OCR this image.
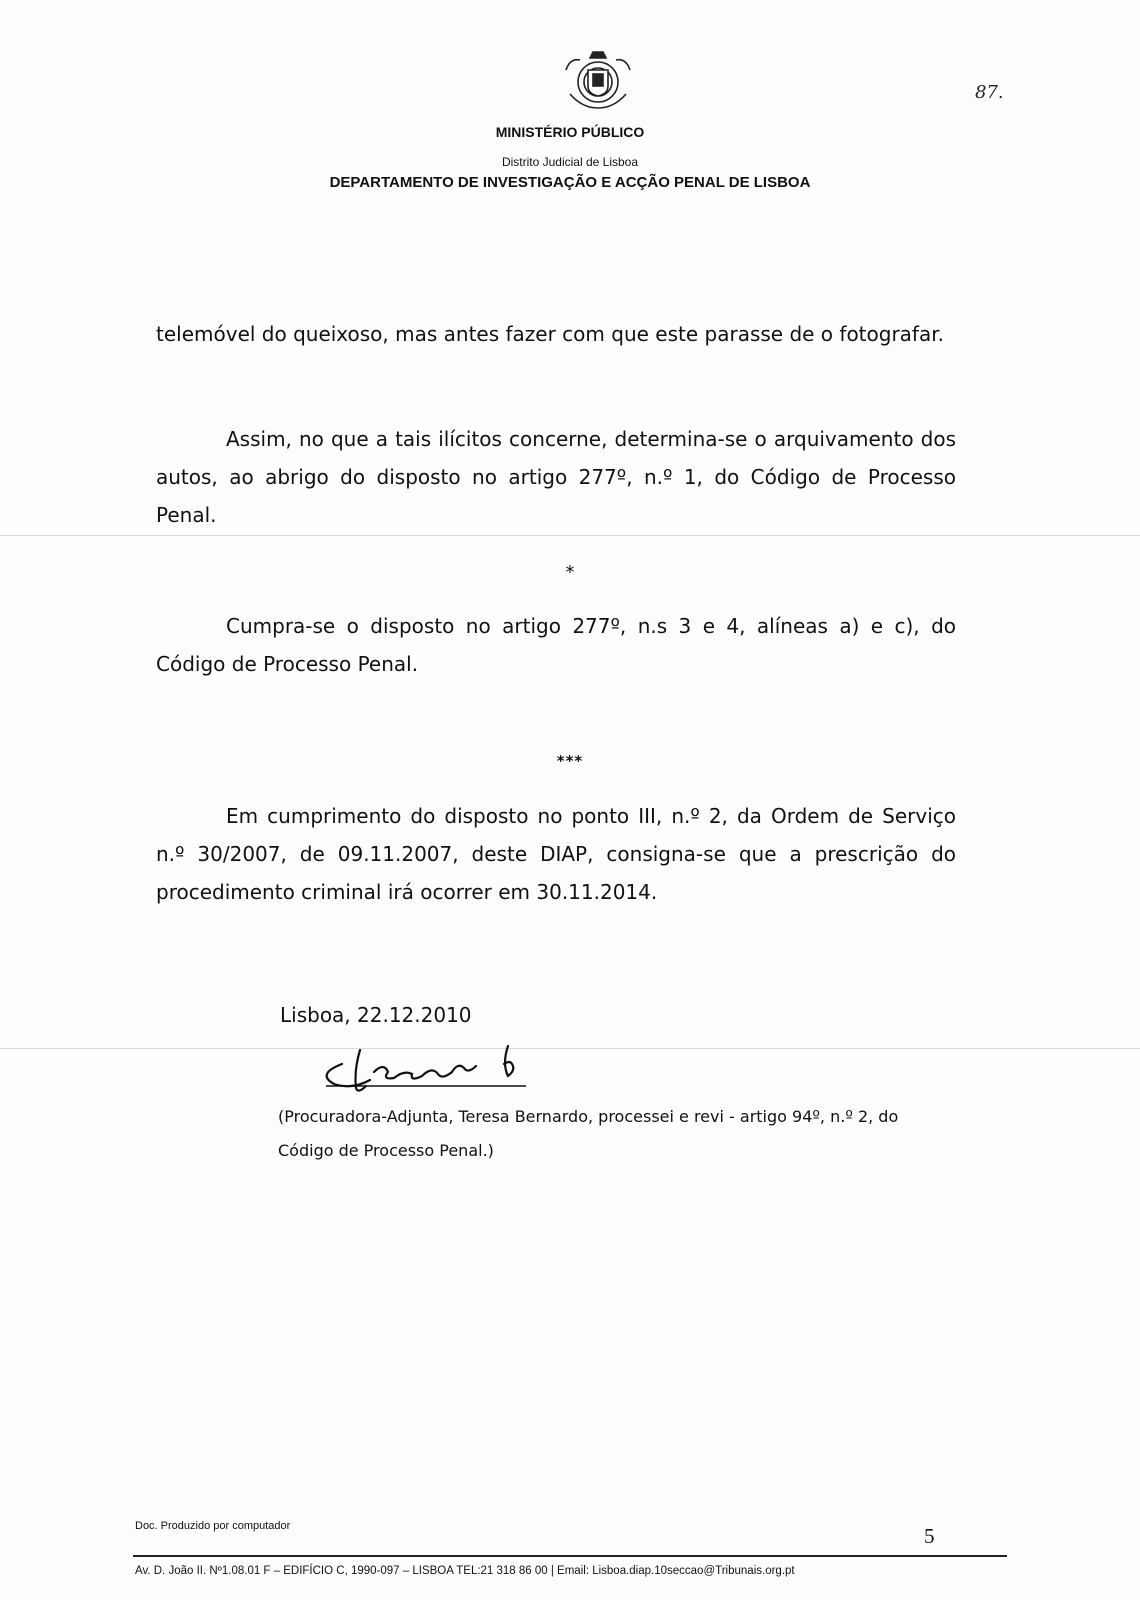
MINISTÉRIO PÚBLICO
Distrito Judicial de Lisboa
DEPARTAMENTO DE INVESTIGAÇÃO E ACÇÃO PENAL DE LISBOA
87.
telemóvel do queixoso, mas antes fazer com que este parasse de o fotografar.
Assim, no que a tais ilícitos concerne, determina-se o arquivamento dos autos, ao abrigo do disposto no artigo 277º, n.º 1, do Código de Processo Penal.
*
Cumpra-se o disposto no artigo 277º, n.s 3 e 4, alíneas a) e c), do Código de Processo Penal.
***
Em cumprimento do disposto no ponto III, n.º 2, da Ordem de Serviço n.º 30/2007, de 09.11.2007, deste DIAP, consigna-se que a prescrição do procedimento criminal irá ocorrer em 30.11.2014.
Lisboa, 22.12.2010
(Procuradora-Adjunta, Teresa Bernardo, processei e revi - artigo 94º, n.º 2, do Código de Processo Penal.)
Doc. Produzido por computador	5
Av. D. João II. Nº1.08.01 F – EDIFÍCIO C, 1990-097 – LISBOA TEL:21 318 86 00 | Email: Lisboa.diap.10seccao@Tribunais.org.pt
